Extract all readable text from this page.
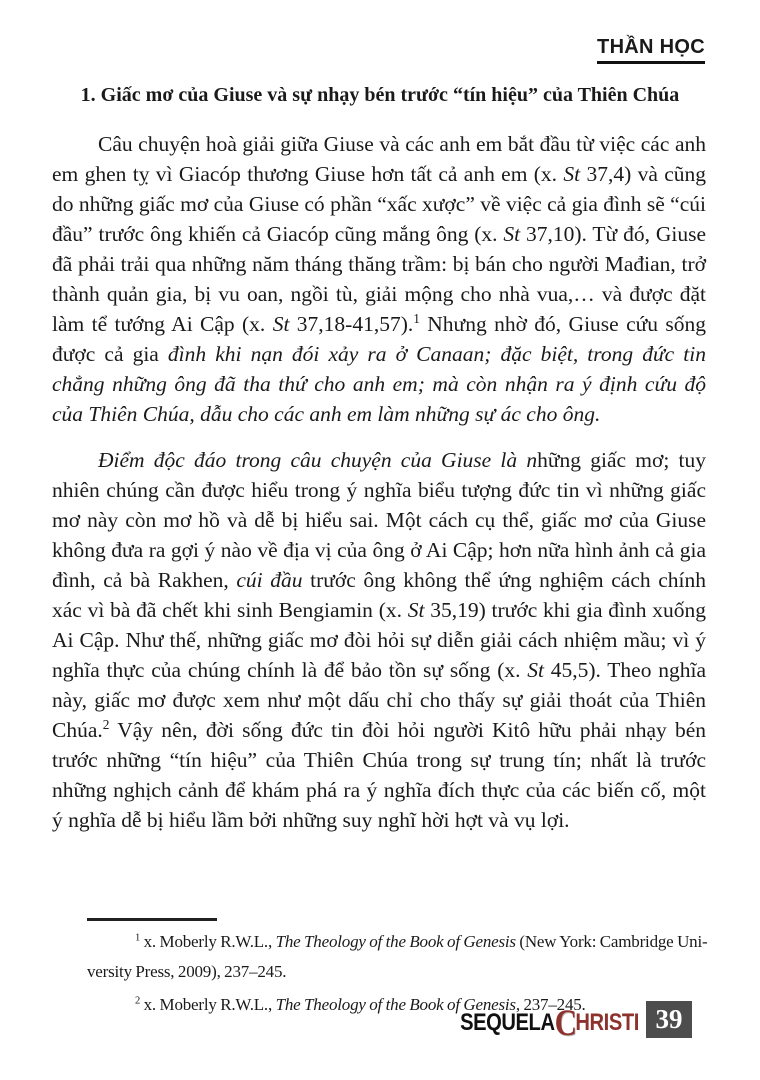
THẦN HỌC
1. Giấc mơ của Giuse và sự nhạy bén trước “tín hiệu” của Thiên Chúa

Câu chuyện hoà giải giữa Giuse và các anh em bắt đầu từ việc các anh em ghen tỵ vì Giacóp thương Giuse hơn tất cả anh em (x. St 37,4) và cũng do những giấc mơ của Giuse có phần “xấc xược” về việc cả gia đình sẽ “cúi đầu” trước ông khiến cả Giacóp cũng mắng ông (x. St 37,10). Từ đó, Giuse đã phải trải qua những năm tháng thăng trầm: bị bán cho người Mađian, trở thành quản gia, bị vu oan, ngồi tù, giải mộng cho nhà vua,… và được đặt làm tể tướng Ai Cập (x. St 37,18-41,57).$^1$ Nhưng nhờ đó, Giuse cứu sống được cả gia đình khi nạn đói xảy ra ở Canaan; đặc biệt, trong đức tin chẳng những ông đã tha thứ cho anh em; mà còn nhận ra ý định cứu độ của Thiên Chúa, dẫu cho các anh em làm những sự ác cho ông.

Điểm độc đáo trong câu chuyện của Giuse là những giấc mơ; tuy nhiên chúng cần được hiểu trong ý nghĩa biểu tượng đức tin vì những giấc mơ này còn mơ hồ và dễ bị hiểu sai. Một cách cụ thể, giấc mơ của Giuse không đưa ra gợi ý nào về địa vị của ông ở Ai Cập; hơn nữa hình ảnh cả gia đình, cả bà Rakhen, cúi đầu trước ông không thể ứng nghiệm cách chính xác vì bà đã chết khi sinh Bengiamin (x. St 35,19) trước khi gia đình xuống Ai Cập. Như thế, những giấc mơ đòi hỏi sự diễn giải cách nhiệm mầu; vì ý nghĩa thực của chúng chính là để bảo tồn sự sống (x. St 45,5). Theo nghĩa này, giấc mơ được xem như một dấu chỉ cho thấy sự giải thoát của Thiên Chúa.$^2$ Vậy nên, đời sống đức tin đòi hỏi người Kitô hữu phải nhạy bén trước những “tín hiệu” của Thiên Chúa trong sự trung tín; nhất là trước những nghịch cảnh để khám phá ra ý nghĩa đích thực của các biến cố, một ý nghĩa dễ bị hiểu lầm bởi những suy nghĩ hời hợt và vụ lợi.

$^1$ x. Moberly R.W.L., The Theology of the Book of Genesis (New York: Cambridge Uni-
versity Press, 2009), 237–245.
$^2$ x. Moberly R.W.L., The Theology of the Book of Genesis, 237–245.
SEQUELACHRISTI 39
